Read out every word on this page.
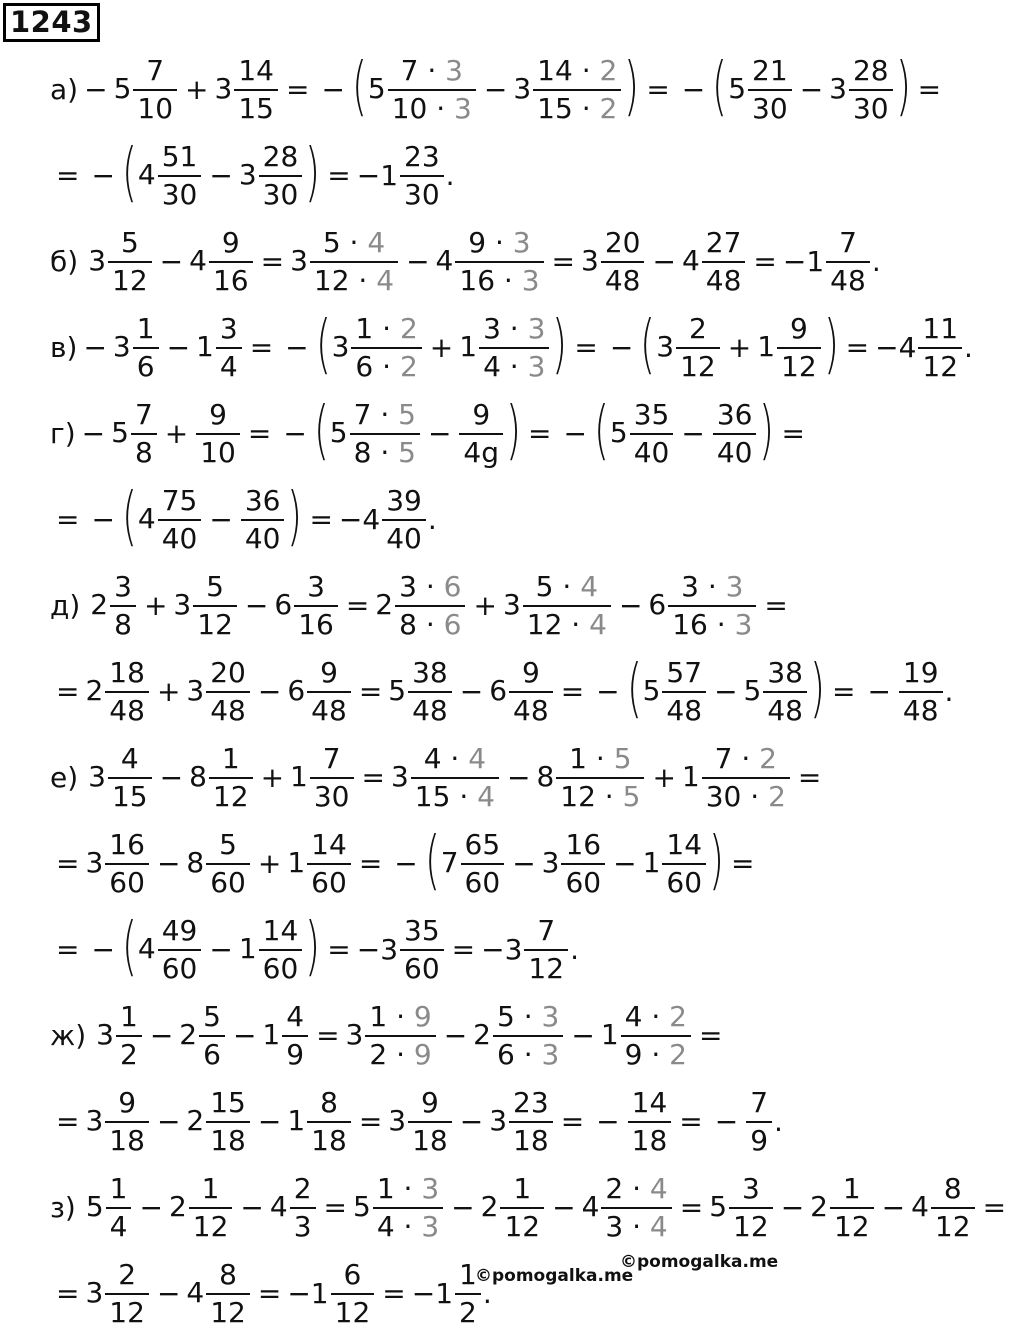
1243
$а) - 5 \frac{7}{10} + 3 \frac{14}{15}$ = − ( $5 \frac{7 \cdot 3}{10 \cdot 3} - 3 \frac{14 \cdot 2}{15 \cdot 2}$ ) = − ( $5 \frac{21}{30} - 3 \frac{28}{30}$ ) =
= − ( $4 \frac{51}{30} - 3 \frac{28}{30}$ ) = $-1 \frac{23}{30}$ .
б) $3 \frac{5}{12} - 4 \frac{9}{16} = 3 \frac{5 \cdot 4}{12 \cdot 4} - 4 \frac{9 \cdot 3}{16 \cdot 3} = 3 \frac{20}{48} - 4 \frac{27}{48} = -1 \frac{7}{48}$ .
$в) - 3 \frac{1}{6} - 1 \frac{3}{4}$ = − ( $3 \frac{1 \cdot 2}{6 \cdot 2} + 1 \frac{3 \cdot 3}{4 \cdot 3}$ ) = − ( $3 \frac{2}{12} + 1 \frac{9}{12}$ ) = $-4 \frac{11}{12}$ .
$г) - 5 \frac{7}{8} + \frac{9}{10}$ = − ( $5 \frac{7 \cdot 5}{8 \cdot 5} - \frac{9}{4g}$ ) = − ( $5 \frac{35}{40} - \frac{36}{40}$ ) =
= − ( $4 \frac{75}{40} - \frac{36}{40}$ ) = $-4 \frac{39}{40}$ .
д) $2 \frac{3}{8} + 3 \frac{5}{12} - 6 \frac{3}{16} = 2 \frac{3 \cdot 6}{8 \cdot 6} + 3 \frac{5 \cdot 4}{12 \cdot 4} - 6 \frac{3 \cdot 3}{16 \cdot 3}$ =
= $2 \frac{18}{48} + 3 \frac{20}{48} - 6 \frac{9}{48} = 5 \frac{38}{48} - 6 \frac{9}{48}$ = − ( $5 \frac{57}{48} - 5 \frac{38}{48}$ ) = − $\frac{19}{48}$ .
е) $3 \frac{4}{15} - 8 \frac{1}{12} + 1 \frac{7}{30} = 3 \frac{4 \cdot 4}{15 \cdot 4} - 8 \frac{1 \cdot 5}{12 \cdot 5} + 1 \frac{7 \cdot 2}{30 \cdot 2}$ =
= $3 \frac{16}{60} - 8 \frac{5}{60} + 1 \frac{14}{60}$ = − ( $7 \frac{65}{60} - 3 \frac{16}{60} - 1 \frac{14}{60}$ ) =
= − ( $4 \frac{49}{60} - 1 \frac{14}{60}$ ) = $-3 \frac{35}{60} = -3 \frac{7}{12}$ .
ж) $3 \frac{1}{2} - 2 \frac{5}{6} - 1 \frac{4}{9} = 3 \frac{1 \cdot 9}{2 \cdot 9} - 2 \frac{5 \cdot 3}{6 \cdot 3} - 1 \frac{4 \cdot 2}{9 \cdot 2}$ =
= $3 \frac{9}{18} - 2 \frac{15}{18} - 1 \frac{8}{18} = 3 \frac{9}{18} - 3 \frac{23}{18}$ = − $\frac{14}{18}$ = − $\frac{7}{9}$ .
з) $5 \frac{1}{4} - 2 \frac{1}{12} - 4 \frac{2}{3} = 5 \frac{1 \cdot 3}{4 \cdot 3} - 2 \frac{1}{12} - 4 \frac{2 \cdot 4}{3 \cdot 4} = 5 \frac{3}{12} - 2 \frac{1}{12} - 4 \frac{8}{12}$ =
= $3 \frac{2}{12} - 4 \frac{8}{12} = -1 \frac{6}{12} = -1 \frac{1}{2}$ .
©pomogalka.me
©pomogalka.me
